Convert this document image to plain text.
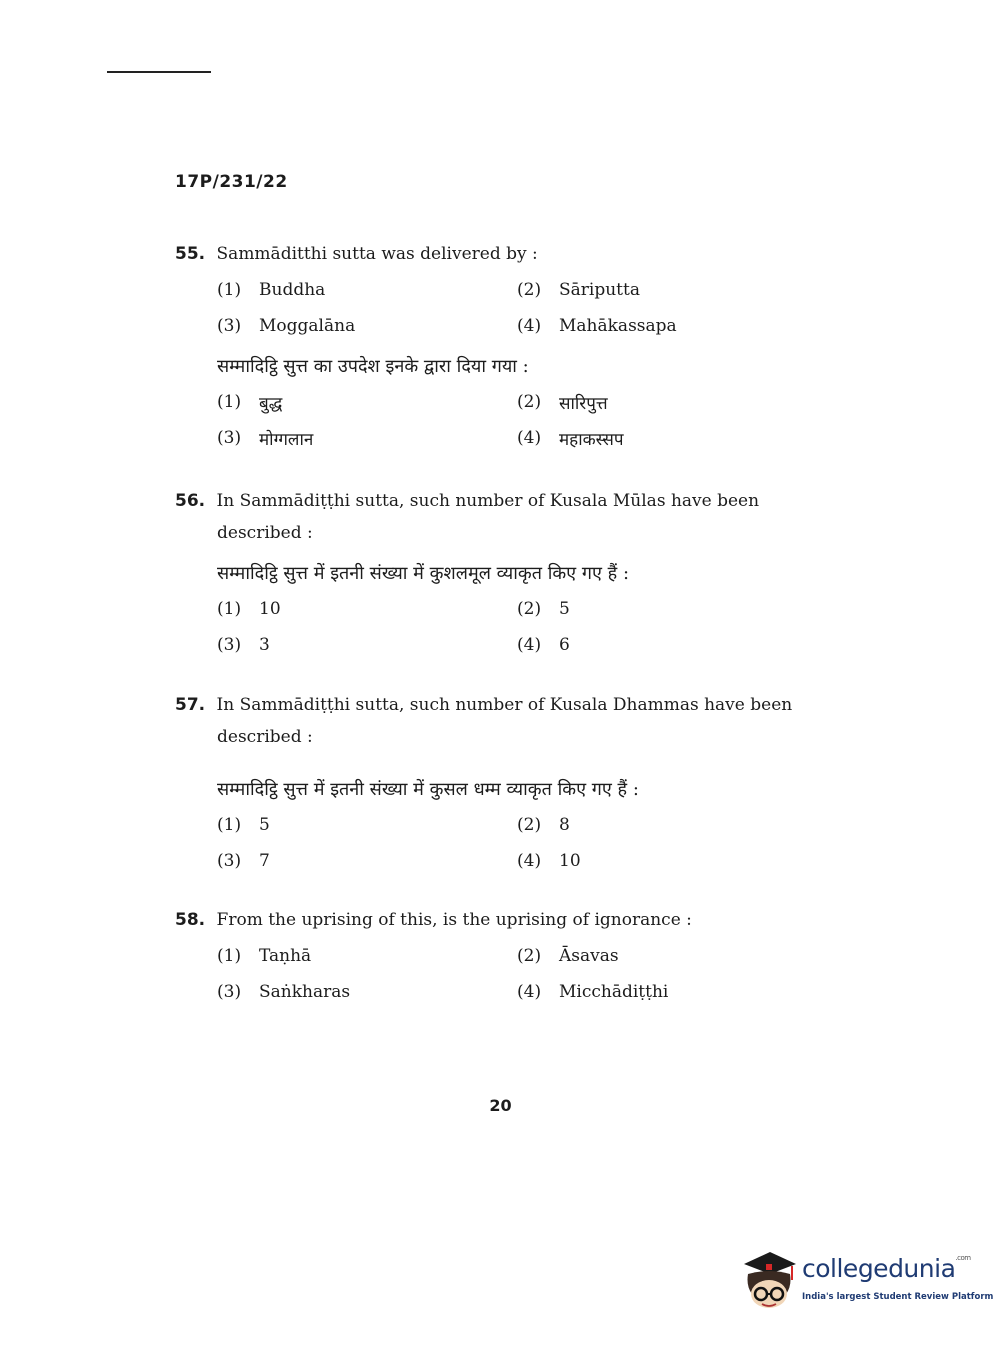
17P/231/22
55. Sammāditthi sutta was delivered by :
(1)	Buddha	(2)	Sāriputta
(3)	Moggalāna	(4)	Mahākassapa
सम्मादिट्ठि सुत्त का उपदेश इनके द्वारा दिया गया :
(1)	बुद्ध	(2)	सारिपुत्त
(3)	मोग्गलान	(4)	महाकस्सप
56. In Sammādiṭṭhi sutta, such number of Kusala Mūlas have been
described :
सम्मादिट्ठि सुत्त में इतनी संख्या में कुशलमूल व्याकृत किए गए हैं :
(1)	10	(2)	5
(3)	3	(4)	6
57. In Sammādiṭṭhi sutta, such number of Kusala Dhammas have been
described :
सम्मादिट्ठि सुत्त में इतनी संख्या में कुसल धम्म व्याकृत किए गए हैं :
(1)	5	(2)	8
(3)	7	(4)	10
58. From the uprising of this, is the uprising of ignorance :
(1)	Taṇhā	(2)	Āsavas
(3)	Saṅkharas	(4)	Micchādiṭṭhi
20
collegedunia$^{.com}$
India's largest Student Review Platform
